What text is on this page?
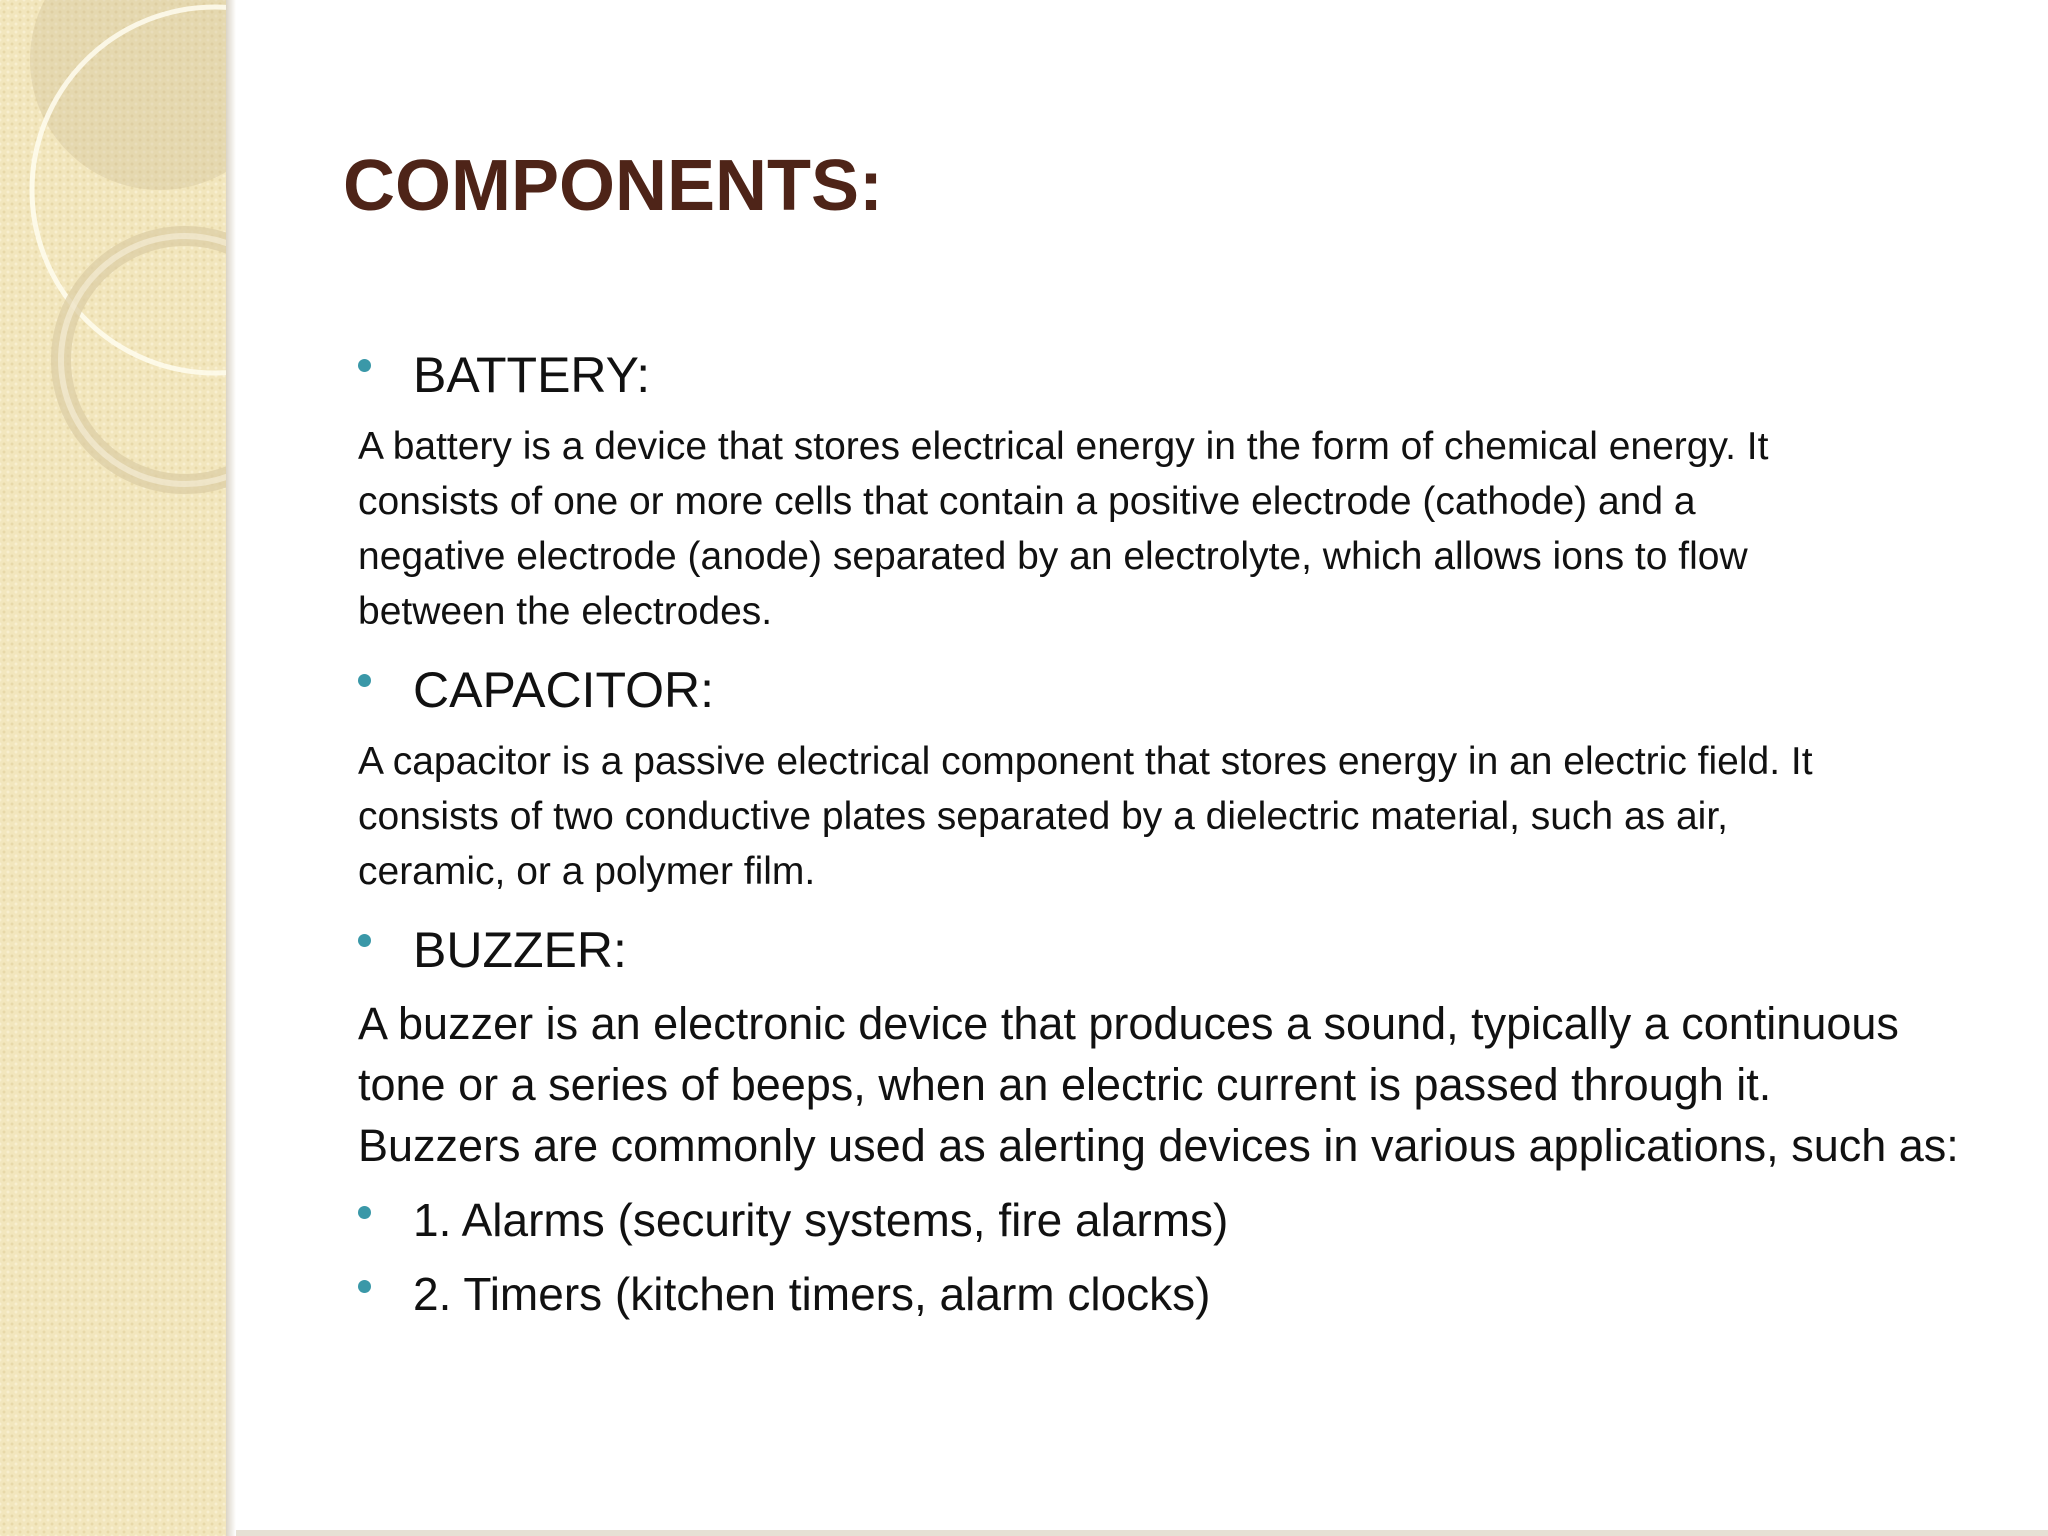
COMPONENTS:
BATTERY:
A battery is a device that stores electrical energy in the form of chemical energy. It
consists of one or more cells that contain a positive electrode (cathode) and a
negative electrode (anode) separated by an electrolyte, which allows ions to flow
between the electrodes.
CAPACITOR:
A capacitor is a passive electrical component that stores energy in an electric field. It
consists of two conductive plates separated by a dielectric material, such as air,
ceramic, or a polymer film.
BUZZER:
A buzzer is an electronic device that produces a sound, typically a continuous
tone or a series of beeps, when an electric current is passed through it.
Buzzers are commonly used as alerting devices in various applications, such as:
1. Alarms (security systems, fire alarms)
2. Timers (kitchen timers, alarm clocks)
